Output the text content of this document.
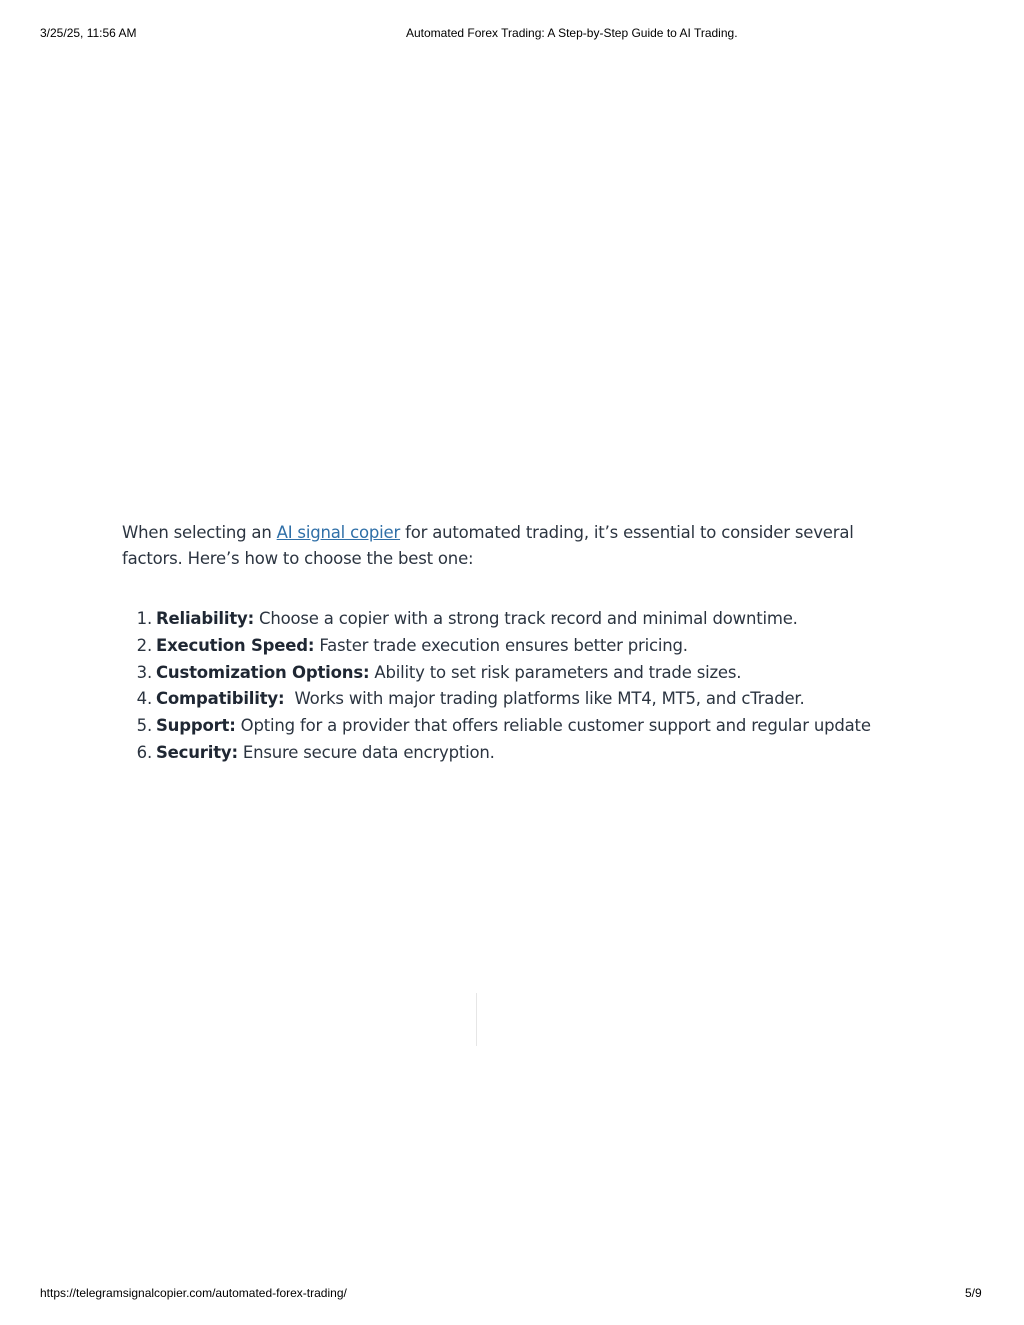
3/25/25, 11:56 AM	Automated Forex Trading: A Step-by-Step Guide to AI Trading.

When selecting an AI signal copier for automated trading, it’s essential to consider several factors. Here’s how to choose the best one:

1. Reliability: Choose a copier with a strong track record and minimal downtime.
2. Execution Speed: Faster trade execution ensures better pricing.
3. Customization Options: Ability to set risk parameters and trade sizes.
4. Compatibility:  Works with major trading platforms like MT4, MT5, and cTrader.
5. Support: Opting for a provider that offers reliable customer support and regular update
6. Security: Ensure secure data encryption.
https://telegramsignalcopier.com/automated-forex-trading/	5/9
